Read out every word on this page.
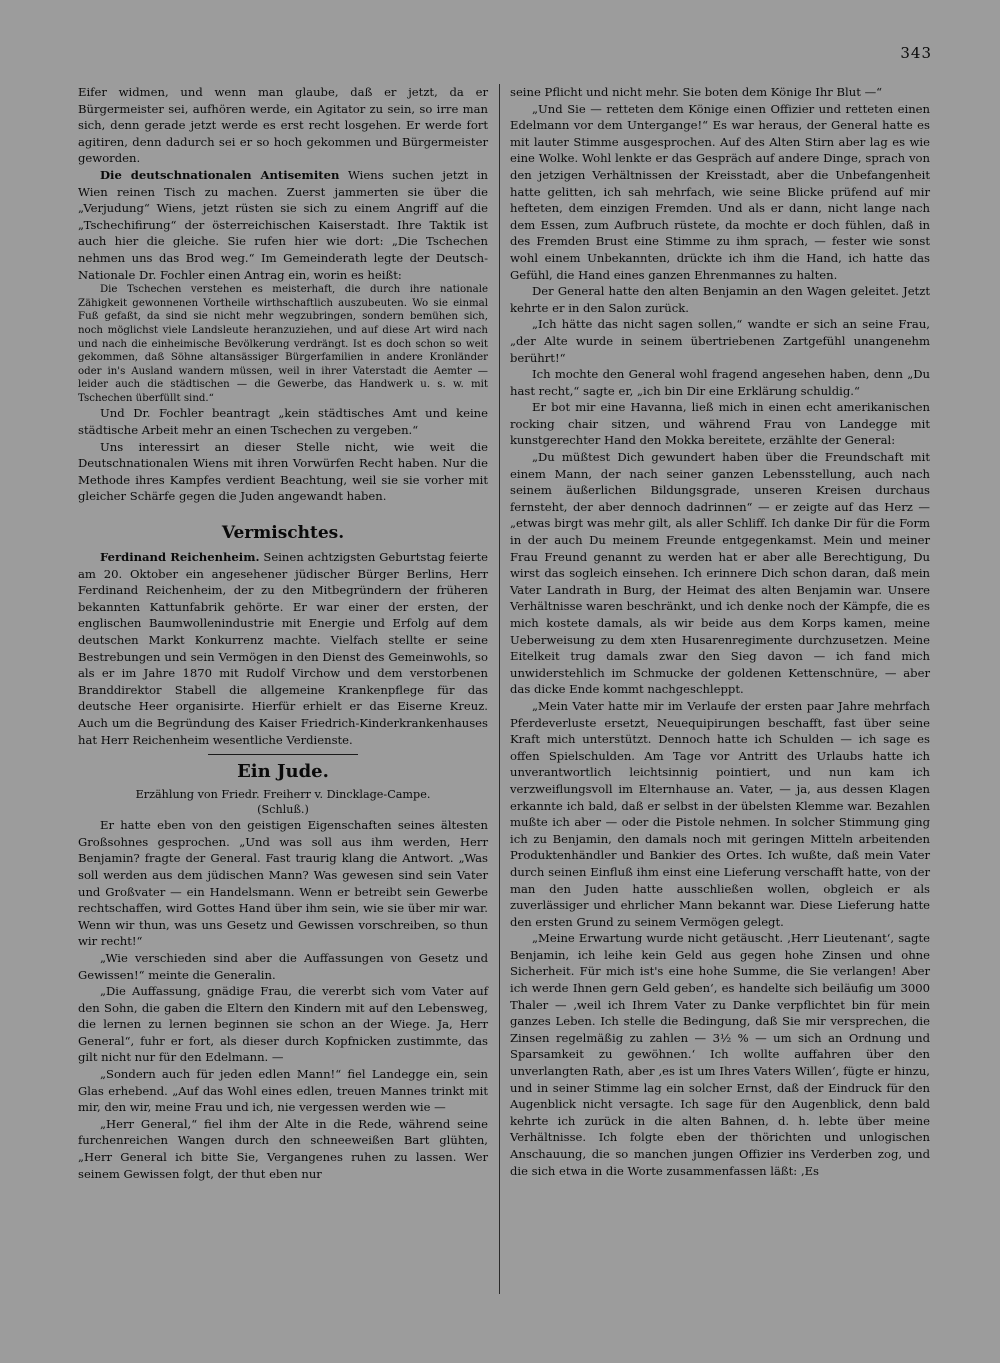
343

Eifer widmen, und wenn man glaube, daß er jetzt, da er Bürgermeister sei, aufhören werde, ein Agitator zu sein, so irre man sich, denn gerade jetzt werde es erst recht losgehen. Er werde fort agitiren, denn dadurch sei er so hoch gekommen und Bürgermeister geworden.

Die deutschnationalen Antisemiten Wiens suchen jetzt in Wien reinen Tisch zu machen. Zuerst jammerten sie über die „Verjudung“ Wiens, jetzt rüsten sie sich zu einem Angriff auf die „Tschechifirung“ der österreichischen Kaiserstadt. Ihre Taktik ist auch hier die gleiche. Sie rufen hier wie dort: „Die Tschechen nehmen uns das Brod weg.“ Im Gemeinderath legte der Deutsch-Nationale Dr. Fochler einen Antrag ein, worin es heißt:

Die Tschechen verstehen es meisterhaft, die durch ihre nationale Zähigkeit gewonnenen Vortheile wirthschaftlich auszubeuten. Wo sie einmal Fuß gefaßt, da sind sie nicht mehr wegzubringen, sondern bemühen sich, noch möglichst viele Landsleute heranzuziehen, und auf diese Art wird nach und nach die einheimische Bevölkerung verdrängt. Ist es doch schon so weit gekommen, daß Söhne altansässiger Bürgerfamilien in andere Kronländer oder in's Ausland wandern müssen, weil in ihrer Vaterstadt die Aemter — leider auch die städtischen — die Gewerbe, das Handwerk u. s. w. mit Tschechen überfüllt sind.“

Und Dr. Fochler beantragt „kein städtisches Amt und keine städtische Arbeit mehr an einen Tschechen zu vergeben.“

Uns interessirt an dieser Stelle nicht, wie weit die Deutschnationalen Wiens mit ihren Vorwürfen Recht haben. Nur die Methode ihres Kampfes verdient Beachtung, weil sie sie vorher mit gleicher Schärfe gegen die Juden angewandt haben.

Vermischtes.

Ferdinand Reichenheim. Seinen achtzigsten Geburtstag feierte am 20. Oktober ein angesehener jüdischer Bürger Berlins, Herr Ferdinand Reichenheim, der zu den Mitbegründern der früheren bekannten Kattunfabrik gehörte. Er war einer der ersten, der englischen Baumwollenindustrie mit Energie und Erfolg auf dem deutschen Markt Konkurrenz machte. Vielfach stellte er seine Bestrebungen und sein Vermögen in den Dienst des Gemeinwohls, so als er im Jahre 1870 mit Rudolf Virchow und dem verstorbenen Branddirektor Stabell die allgemeine Krankenpflege für das deutsche Heer organisirte. Hierfür erhielt er das Eiserne Kreuz. Auch um die Begründung des Kaiser Friedrich-Kinderkrankenhauses hat Herr Reichenheim wesentliche Verdienste.

Ein Jude.
Erzählung von Friedr. Freiherr v. Dincklage-Campe.
(Schluß.)

Er hatte eben von den geistigen Eigenschaften seines ältesten Großsohnes gesprochen. „Und was soll aus ihm werden, Herr Benjamin? fragte der General. Fast traurig klang die Antwort. „Was soll werden aus dem jüdischen Mann? Was gewesen sind sein Vater und Großvater — ein Handelsmann. Wenn er betreibt sein Gewerbe rechtschaffen, wird Gottes Hand über ihm sein, wie sie über mir war. Wenn wir thun, was uns Gesetz und Gewissen vorschreiben, so thun wir recht!“

„Wie verschieden sind aber die Auffassungen von Gesetz und Gewissen!“ meinte die Generalin.

„Die Auffassung, gnädige Frau, die vererbt sich vom Vater auf den Sohn, die gaben die Eltern den Kindern mit auf den Lebensweg, die lernen zu lernen beginnen sie schon an der Wiege. Ja, Herr General“, fuhr er fort, als dieser durch Kopfnicken zustimmte, das gilt nicht nur für den Edelmann. —

„Sondern auch für jeden edlen Mann!“ fiel Landegge ein, sein Glas erhebend. „Auf das Wohl eines edlen, treuen Mannes trinkt mit mir, den wir, meine Frau und ich, nie vergessen werden wie —

„Herr General,“ fiel ihm der Alte in die Rede, während seine furchenreichen Wangen durch den schneeweißen Bart glühten, „Herr General ich bitte Sie, Vergangenes ruhen zu lassen. Wer seinem Gewissen folgt, der thut eben nur

seine Pflicht und nicht mehr. Sie boten dem Könige Ihr Blut —“

„Und Sie — retteten dem Könige einen Offizier und retteten einen Edelmann vor dem Untergange!“ Es war heraus, der General hatte es mit lauter Stimme ausgesprochen. Auf des Alten Stirn aber lag es wie eine Wolke. Wohl lenkte er das Gespräch auf andere Dinge, sprach von den jetzigen Verhältnissen der Kreisstadt, aber die Unbefangenheit hatte gelitten, ich sah mehrfach, wie seine Blicke prüfend auf mir hefteten, dem einzigen Fremden. Und als er dann, nicht lange nach dem Essen, zum Aufbruch rüstete, da mochte er doch fühlen, daß in des Fremden Brust eine Stimme zu ihm sprach, — fester wie sonst wohl einem Unbekannten, drückte ich ihm die Hand, ich hatte das Gefühl, die Hand eines ganzen Ehrenmannes zu halten.

Der General hatte den alten Benjamin an den Wagen geleitet. Jetzt kehrte er in den Salon zurück.

„Ich hätte das nicht sagen sollen,“ wandte er sich an seine Frau, „der Alte wurde in seinem übertriebenen Zartgefühl unangenehm berührt!“

Ich mochte den General wohl fragend angesehen haben, denn „Du hast recht,“ sagte er, „ich bin Dir eine Erklärung schuldig.“

Er bot mir eine Havanna, ließ mich in einen echt amerikanischen rocking chair sitzen, und während Frau von Landegge mit kunstgerechter Hand den Mokka bereitete, erzählte der General:

„Du müßtest Dich gewundert haben über die Freundschaft mit einem Mann, der nach seiner ganzen Lebensstellung, auch nach seinem äußerlichen Bildungsgrade, unseren Kreisen durchaus fernsteht, der aber dennoch dadrinnen“ — er zeigte auf das Herz — „etwas birgt was mehr gilt, als aller Schliff. Ich danke Dir für die Form in der auch Du meinem Freunde entgegenkamst. Mein und meiner Frau Freund genannt zu werden hat er aber alle Berechtigung, Du wirst das sogleich einsehen. Ich erinnere Dich schon daran, daß mein Vater Landrath in Burg, der Heimat des alten Benjamin war. Unsere Verhältnisse waren beschränkt, und ich denke noch der Kämpfe, die es mich kostete damals, als wir beide aus dem Korps kamen, meine Ueberweisung zu dem xten Husarenregimente durchzusetzen. Meine Eitelkeit trug damals zwar den Sieg davon — ich fand mich unwiderstehlich im Schmucke der goldenen Kettenschnüre, — aber das dicke Ende kommt nachgeschleppt.

„Mein Vater hatte mir im Verlaufe der ersten paar Jahre mehrfach Pferdeverluste ersetzt, Neuequipirungen beschafft, fast über seine Kraft mich unterstützt. Dennoch hatte ich Schulden — ich sage es offen Spielschulden. Am Tage vor Antritt des Urlaubs hatte ich unverantwortlich leichtsinnig pointiert, und nun kam ich verzweiflungsvoll im Elternhause an. Vater, — ja, aus dessen Klagen erkannte ich bald, daß er selbst in der übelsten Klemme war. Bezahlen mußte ich aber — oder die Pistole nehmen. In solcher Stimmung ging ich zu Benjamin, den damals noch mit geringen Mitteln arbeitenden Produktenhändler und Bankier des Ortes. Ich wußte, daß mein Vater durch seinen Einfluß ihm einst eine Lieferung verschafft hatte, von der man den Juden hatte ausschließen wollen, obgleich er als zuverlässiger und ehrlicher Mann bekannt war. Diese Lieferung hatte den ersten Grund zu seinem Vermögen gelegt.

„Meine Erwartung wurde nicht getäuscht. ‚Herr Lieutenant‘, sagte Benjamin, ich leihe kein Geld aus gegen hohe Zinsen und ohne Sicherheit. Für mich ist's eine hohe Summe, die Sie verlangen! Aber ich werde Ihnen gern Geld geben‘, es handelte sich beiläufig um 3000 Thaler — ‚weil ich Ihrem Vater zu Danke verpflichtet bin für mein ganzes Leben. Ich stelle die Bedingung, daß Sie mir versprechen, die Zinsen regelmäßig zu zahlen — 3½ % — um sich an Ordnung und Sparsamkeit zu gewöhnen.‘ Ich wollte auffahren über den unverlangten Rath, aber ‚es ist um Ihres Vaters Willen‘, fügte er hinzu, und in seiner Stimme lag ein solcher Ernst, daß der Eindruck für den Augenblick nicht versagte. Ich sage für den Augenblick, denn bald kehrte ich zurück in die alten Bahnen, d. h. lebte über meine Verhältnisse. Ich folgte eben der thörichten und unlogischen Anschauung, die so manchen jungen Offizier ins Verderben zog, und die sich etwa in die Worte zusammenfassen läßt: ‚Es
